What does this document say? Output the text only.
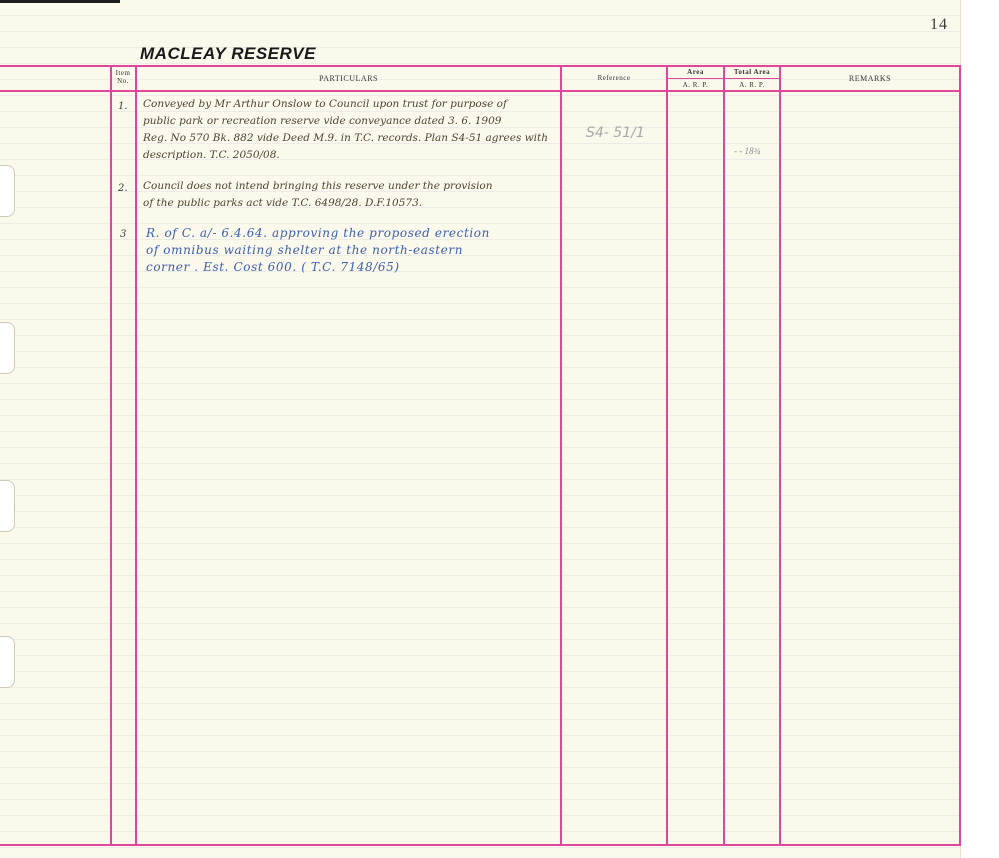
14
MACLEAY RESERVE
Item No.	PARTICULARS	Reference
Area
A. R. P.
Total Area
A. R. P.
REMARKS
1. Conveyed by Mr Arthur Onslow to Council upon trust for purpose of
public park or recreation reserve vide conveyance dated 3. 6. 1909
Reg. No 570 Bk. 882 vide Deed M.9. in T.C. records. Plan S4-51 agrees with
description. T.C. 2050/08.
S4- 51/1
- - 18¾
2. Council does not intend bringing this reserve under the provision
of the public parks act vide T.C. 6498/28. D.F.10573.
3 R. of C. a/- 6.4.64. approving the proposed erection
of omnibus waiting shelter at the north-eastern
corner . Est. Cost 600. ( T.C. 7148/65)
